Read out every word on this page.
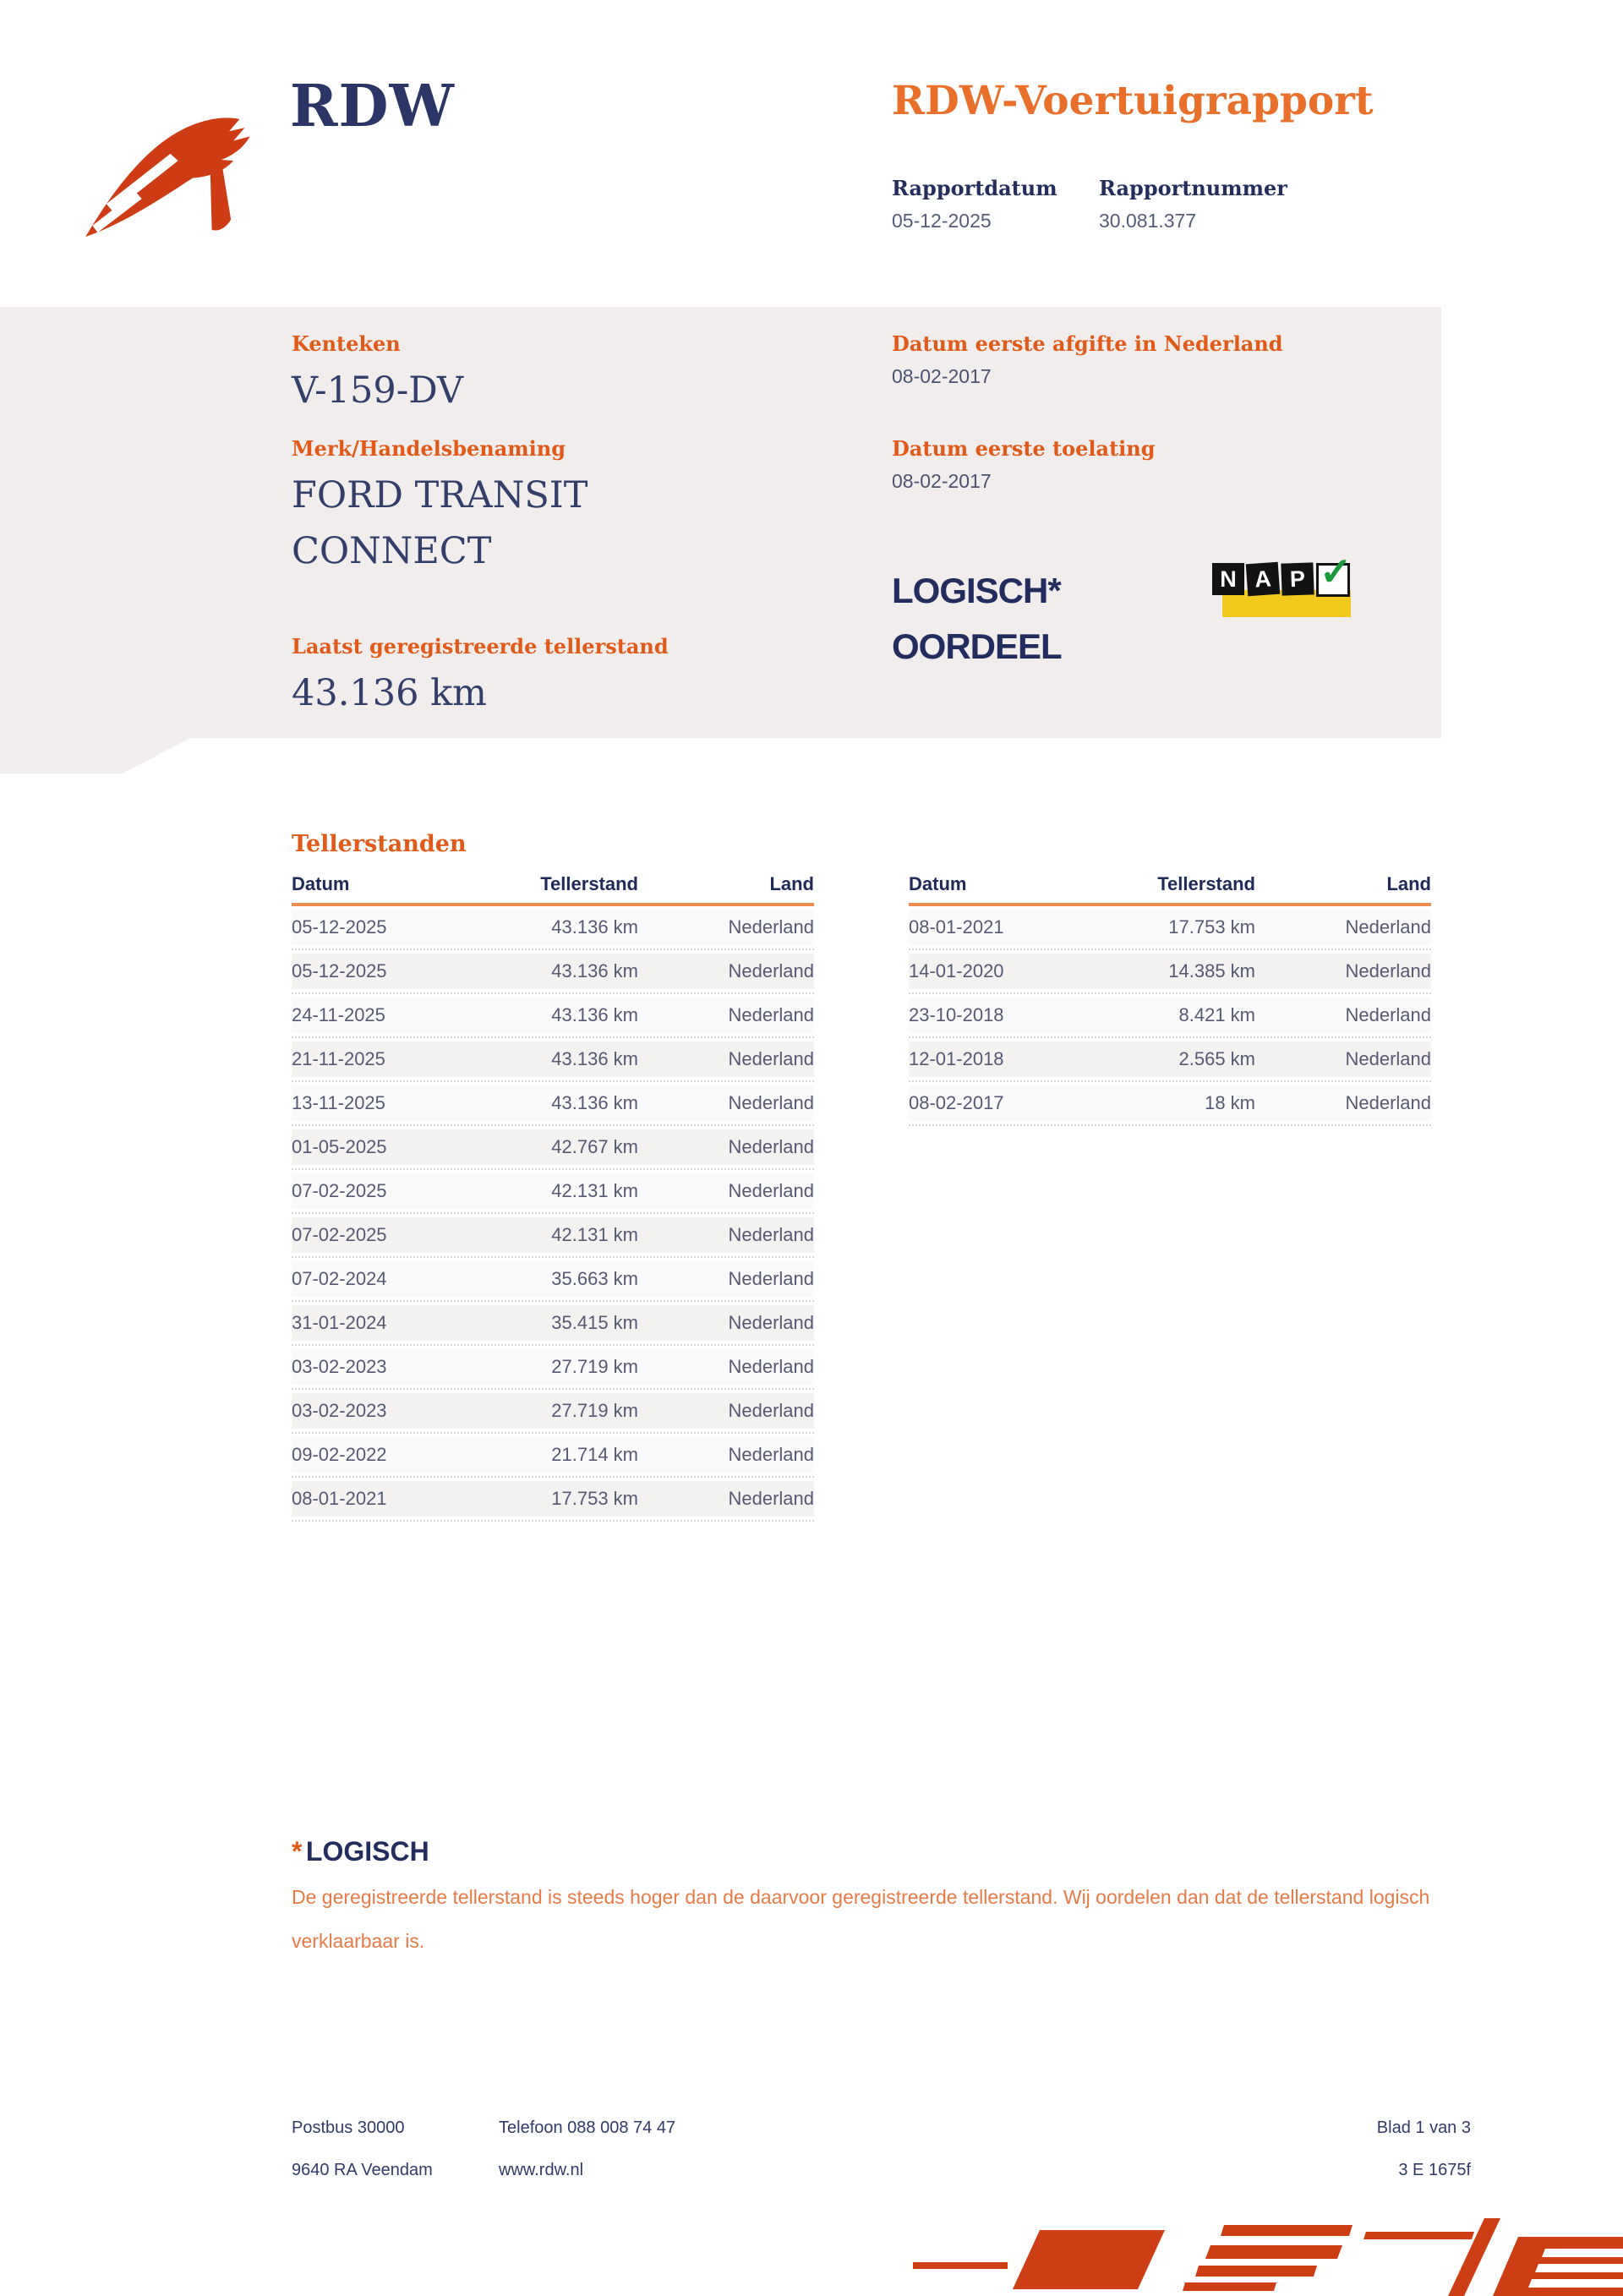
RDW	RDW-Voertuigrapport
Rapportdatum
05-12-2025
Rapportnummer
30.081.377
Kenteken
V-159-DV
Merk/Handelsbenaming
FORD TRANSIT
CONNECT
Laatst geregistreerde tellerstand
43.136 km
Datum eerste afgifte in Nederland
08-02-2017
Datum eerste toelating
08-02-2017
LOGISCH*
OORDEEL
N A P ✓
Tellerstanden
Datum	Tellerstand	Land
05-12-2025	43.136 km	Nederland
05-12-2025	43.136 km	Nederland
24-11-2025	43.136 km	Nederland
21-11-2025	43.136 km	Nederland
13-11-2025	43.136 km	Nederland
01-05-2025	42.767 km	Nederland
07-02-2025	42.131 km	Nederland
07-02-2025	42.131 km	Nederland
07-02-2024	35.663 km	Nederland
31-01-2024	35.415 km	Nederland
03-02-2023	27.719 km	Nederland
03-02-2023	27.719 km	Nederland
09-02-2022	21.714 km	Nederland
08-01-2021	17.753 km	Nederland
Datum	Tellerstand	Land
08-01-2021	17.753 km	Nederland
14-01-2020	14.385 km	Nederland
23-10-2018	8.421 km	Nederland
12-01-2018	2.565 km	Nederland
08-02-2017	18 km	Nederland
* LOGISCH
De geregistreerde tellerstand is steeds hoger dan de daarvoor geregistreerde tellerstand. Wij oordelen dan dat de tellerstand logisch verklaarbaar is.
Postbus 30000
9640 RA Veendam
Telefoon 088 008 74 47
www.rdw.nl
Blad 1 van 3
3 E 1675f
